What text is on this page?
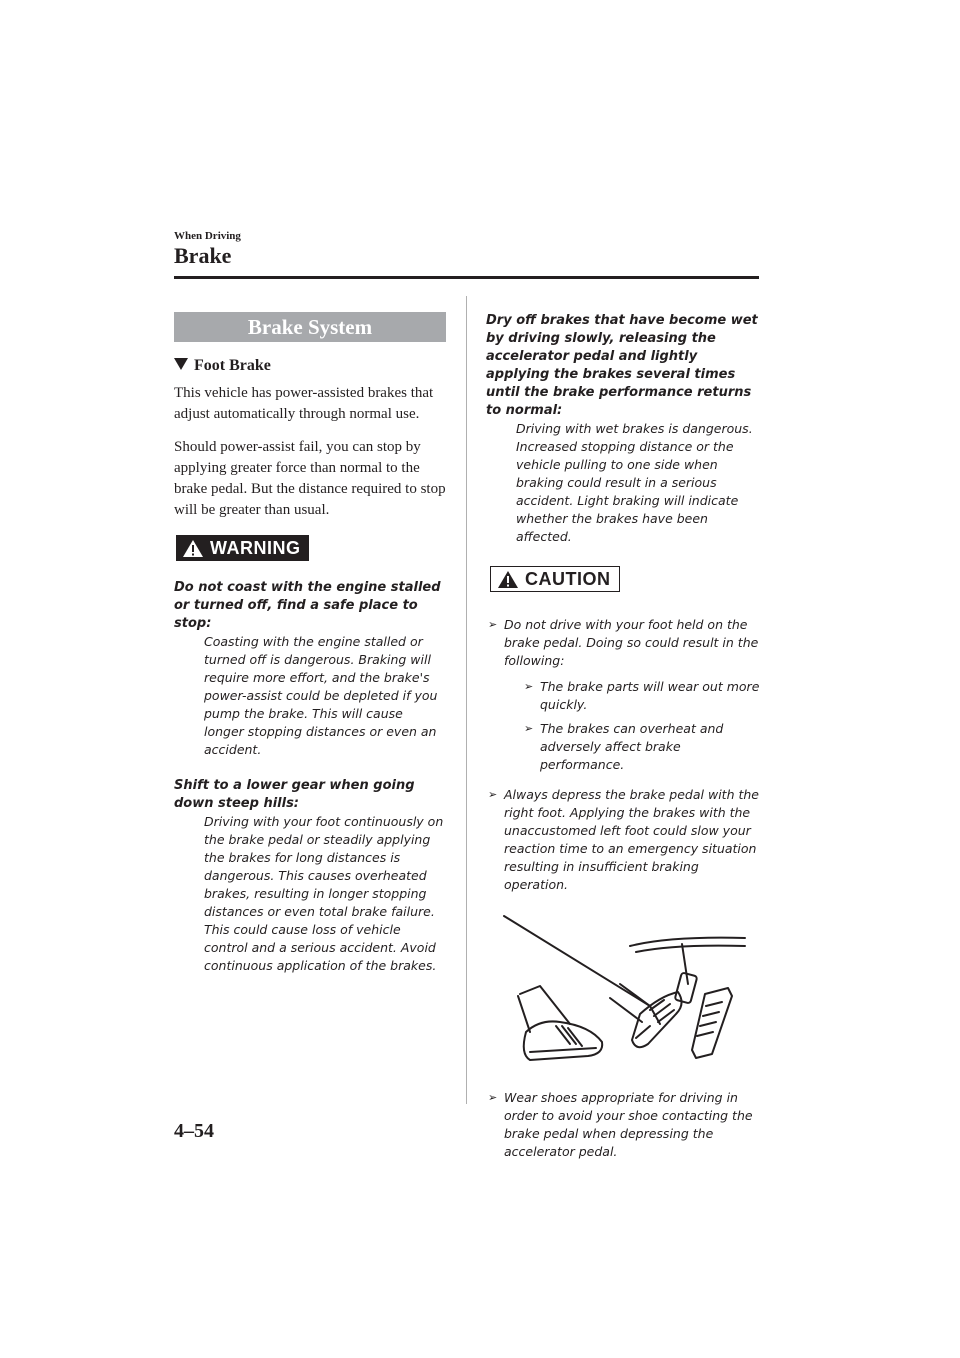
When Driving
Brake
Brake System
Foot Brake

This vehicle has power-assisted brakes that adjust automatically through normal use.

Should power-assist fail, you can stop by applying greater force than normal to the brake pedal. But the distance required to stop will be greater than usual.

WARNING
Do not coast with the engine stalled or turned off, find a safe place to stop:
Coasting with the engine stalled or turned off is dangerous. Braking will require more effort, and the brake's power-assist could be depleted if you pump the brake. This will cause longer stopping distances or even an accident.
Shift to a lower gear when going down steep hills:
Driving with your foot continuously on the brake pedal or steadily applying the brakes for long distances is dangerous. This causes overheated brakes, resulting in longer stopping distances or even total brake failure. This could cause loss of vehicle control and a serious accident. Avoid continuous application of the brakes.
Dry off brakes that have become wet by driving slowly, releasing the accelerator pedal and lightly applying the brakes several times until the brake performance returns to normal:
Driving with wet brakes is dangerous. Increased stopping distance or the vehicle pulling to one side when braking could result in a serious accident. Light braking will indicate whether the brakes have been affected.
CAUTION
➢ Do not drive with your foot held on the brake pedal. Doing so could result in the following:
➢ The brake parts will wear out more quickly.
➢ The brakes can overheat and adversely affect brake performance.
➢ Always depress the brake pedal with the right foot. Applying the brakes with the unaccustomed left foot could slow your reaction time to an emergency situation resulting in insufficient braking operation.
➢ Wear shoes appropriate for driving in order to avoid your shoe contacting the brake pedal when depressing the accelerator pedal.
4–54
